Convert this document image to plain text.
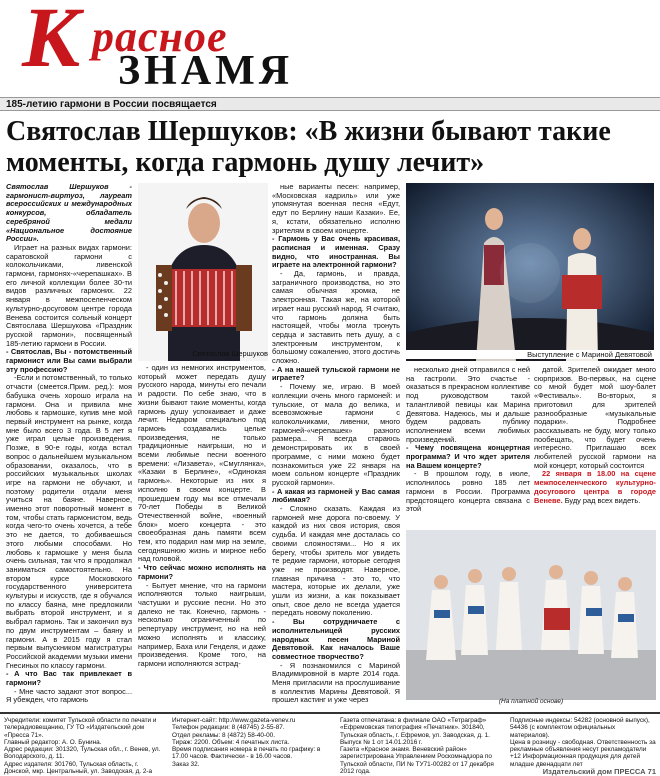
К расное
ЗНАМЯ
185-летию гармони в России посвящается
Святослав Шершуков: «В жизни бывают такие моменты, когда гармонь душу лечит»

Святослав Шершуков - гармонист-виртуоз, лауреат всероссийских и международных конкурсов, обладатель серебряной медали «Национальное достояние России».

Играет на разных видах гармони: саратовской гармони с колокольчиками, ливенской гармони, гармонях-«черепашках». В его личной коллекции более 30-ти видов различных гармоних. 22 января в межпоселенческом культурно-досуговом центре города Венева состоится сольный концерт Святослава Шершукова «Праздник русской гармони», посвященный 185-летию гармони в России.

- Святослав, Вы - потомственный гармонист или Вы сами выбрали эту профессию?

-Если и потомственный, то только отчасти (смеется.Прим. ред.): моя бабушка очень хорошо играла на гармони. Она и привила мне любовь к гармошке, купив мне мой первый инструмент на рынке, когда мне было всего 3 года. В 5 лет я уже играл целые произведения. Позже, в 90-е годы, когда встал вопрос о дальнейшем музыкальном образовании, оказалось, что в российских музыкальных школах игре на гармони не обучают, и поэтому родители отдали меня учиться на баяне. Наверное, именно этот поворотный момент в том, чтобы стать гармонистом, ведь когда чего-то очень хочется, а тебе это не дается, то добиваешься этого любыми способами. Но любовь к гармошке у меня была очень сильная, так что я продолжал заниматься самостоятельно. На втором курсе Московского государственного университета культуры и искусств, где я обучался по классу баяна, мне предложили выбрать второй инструмент, и я выбрал гармонь. Так и закончил вуз по двум инструментам – баяну и гармони. А в 2015 году я стал первым выпускником магистратуры Российской академии музыки имени Гнесиных по классу гармони.

- А что Вас так привлекает в гармони?

- Мне часто задают этот вопрос... Я убежден, что гармонь

Святослав Шершуков

- один из немногих инструментов, который может передать душу русского народа, минуты его печали и радости. По себе знаю, что в жизни бывают такие моменты, когда гармонь душу успокаивает и даже лечит. Недаром специально под гармонь создавались целые произведения, не только традиционные наигрыши, но и всеми любимые песни военного времени: «Лизавета», «Смуглянка», «Казаки в Берлине», «Одинокая гармонь». Некоторые из них я исполню в своем концерте. В прошедшем году мы все отмечали 70-лет Победы в Великой Отечественной войне, «военный блок» моего концерта - это своеобразная дань памяти всем тем, кто подарил нам мир на земле, сегодняшнюю жизнь и мирное небо над головой.

- Что сейчас можно исполнять на гармони?

- Бытует мнение, что на гармони исполняются только наигрыши, частушки и русские песни. Но это далеко не так. Конечно, гармонь - несколько ограниченный по репертуару инструмент, но на ней можно исполнять и классику, например, Баха или Генделя, и даже произведения. Кроме того, на гармони исполняются эстрад-

ные варианты песен: например, «Московская кадриль» или уже упомянутая военная песня «Едут, едут по Берлину наши Казаки». Ее, я, кстати, обязательно исполню зрителям в своем концерте.

- Гармонь у Вас очень красивая, расписная и именная. Сразу видно, что иностранная. Вы играете на электронной гармони?

- Да, гармонь, и правда, заграничного производства, но это самая обычная хромка, не электронная. Такая же, на которой играет наш русский народ. Я считаю, что гармонь должна быть настоящей, чтобы могла тронуть сердца и заставить петь душу, а с электронным инструментом, к большому сожалению, этого достичь сложно.

- А на нашей тульской гармони не играете?

- Почему же, играю. В моей коллекции очень много гармоней: и тульские, от мала до велика, и всевозможные гармони с колокольчиками, ливенки, много гармоней-«черепашек» разного размера... Я всегда стараюсь демонстрировать их в своей программе, с ними можно будет познакомиться уже 22 января на моем сольном концерте «Праздник русской гармони».

- А какая из гармоней у Вас самая любимая?

- Сложно сказать. Каждая из гармоней мне дорога по-своему. У каждой из них своя история, своя судьба. И каждая мне досталась со своими сложностями... Но я их берегу, чтобы зритель мог увидеть те редкие гармони, которые сегодня уже не производят. Наверное, главная причина - это то, что мастера, которые их делали, уже ушли из жизни, а как показывает опыт, свое дело не всегда удается передать новому поколению.

- Вы сотрудничаете с исполнительницей русских народных песен Мариной Девятовой. Как началось Ваше совместное творчество?

- Я познакомился с Мариной Владимировной в марте 2014 года. Меня пригласили на прослушивание в коллектив Марины Девятовой. Я прошел кастинг и уже через

Выступление с Мариной Девятовой

несколько дней отправился с ней на гастроли. Это счастье - оказаться в прекрасном коллективе под руководством такой талантливой певицы как Марина Девятова. Надеюсь, мы и дальше будем радовать публику исполнением всеми любимых произведений.

- Чему посвящена концертная программа? И что ждет зрителя на Вашем концерте?

- В прошлом году, в июле, исполнилось ровно 185 лет гармони в России. Программа предстоящего концерта связана с этой

датой. Зрителей ожидает много сюрпризов. Во-первых, на сцене со мной будет мой шоу-балет «Фестиваль». Во-вторых, я приготовил для зрителей разнообразные «музыкальные подарки». Подробнее рассказывать не буду, могу только пообещать, что будет очень интересно. Приглашаю всех любителей русской гармони на мой концерт, который состоится

22 января в 18.00 на сцене межпоселенческого культурно-досугового центра в городе Веневе. Буду рад всех видеть.

(На платной основе)
Учредители: комитет Тульской области по печати и телерадиовещанию, ГУ ТО «Издательский дом «Пресса 71».
Главный редактор: А. О. Бунина.
Адрес редакции: 301320, Тульская обл., г. Венев, ул. Володарского, д. 11.
Адрес издателя: 301760, Тульская область, г. Донской, мкр. Центральный, ул. Заводская, д. 2-а
Интернет-сайт: http://www.gazeta-venev.ru
Телефон редакции: 8 (48745) 2-55-87.
Отдел рекламы: 8 (4872) 58-40-00.
Тираж: 2200. Объем: 4 печатных листа.
Время подписания номера в печать по графику: в 17.00 часов. Фактически - в 16.00 часов.
Заказ 32.
Газета отпечатана: в филиале ОАО «Тетраграф» «Ефремовская типография «Печатник». 301840, Тульская область, г. Ефремов, ул. Заводская, д. 1. Выпуск № 1 от 14.01.2016 г.
Газета «Красное знамя. Веневский район» зарегистрирована Управлением Роскомнадзора по Тульской области, ПИ № ТУ71-00282 от 17 декабря 2012 года.
Подписные индексы: 54282 (основной выпуск), 54436 (с комплектом официальных материалов).
Цена в розницу - свободная. Ответственность за рекламные объявления несут рекламодатели
+12 Информационная продукция для детей младше двенадцати лет
Издательский дом ПРЕССА 71
